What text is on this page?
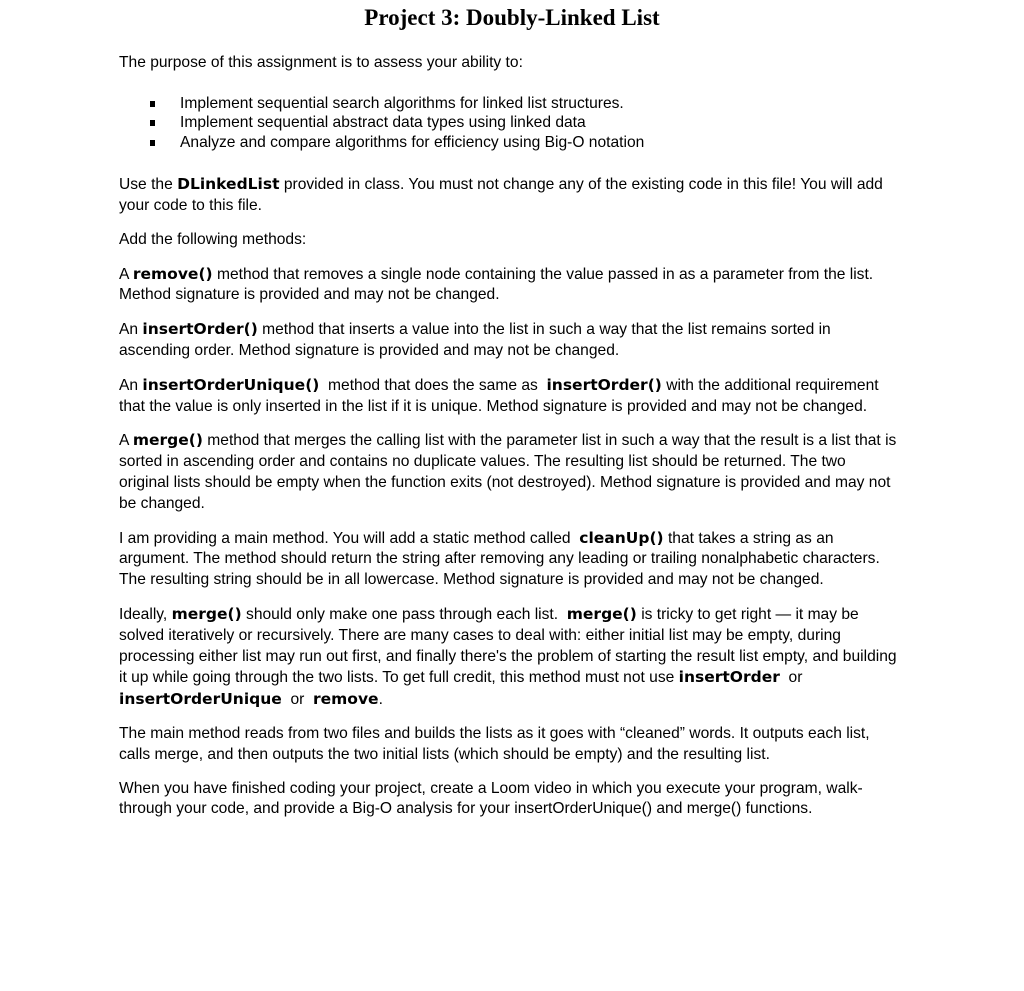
Project 3: Doubly-Linked List

The purpose of this assignment is to assess your ability to:

Implement sequential search algorithms for linked list structures.
Implement sequential abstract data types using linked data
Analyze and compare algorithms for efficiency using Big-O notation

Use the DLinkedList provided in class. You must not change any of the existing code in this file! You will add your code to this file.

Add the following methods:

A remove() method that removes a single node containing the value passed in as a parameter from the list. Method signature is provided and may not be changed.

An insertOrder() method that inserts a value into the list in such a way that the list remains sorted in ascending order. Method signature is provided and may not be changed.

An insertOrderUnique()  method that does the same as  insertOrder() with the additional requirement that the value is only inserted in the list if it is unique. Method signature is provided and may not be changed.

A merge() method that merges the calling list with the parameter list in such a way that the result is a list that is sorted in ascending order and contains no duplicate values. The resulting list should be returned. The two original lists should be empty when the function exits (not destroyed). Method signature is provided and may not be changed.

I am providing a main method. You will add a static method called  cleanUp() that takes a string as an argument. The method should return the string after removing any leading or trailing nonalphabetic characters. The resulting string should be in all lowercase. Method signature is provided and may not be changed.

Ideally, merge() should only make one pass through each list.  merge() is tricky to get right — it may be solved iteratively or recursively. There are many cases to deal with: either initial list may be empty, during processing either list may run out first, and finally there's the problem of starting the result list empty, and building it up while going through the two lists. To get full credit, this method must not use insertOrder  or  insertOrderUnique  or  remove.

The main method reads from two files and builds the lists as it goes with “cleaned” words. It outputs each list, calls merge, and then outputs the two initial lists (which should be empty) and the resulting list.

When you have finished coding your project, create a Loom video in which you execute your program, walk-through your code, and provide a Big-O analysis for your insertOrderUnique() and merge() functions.
